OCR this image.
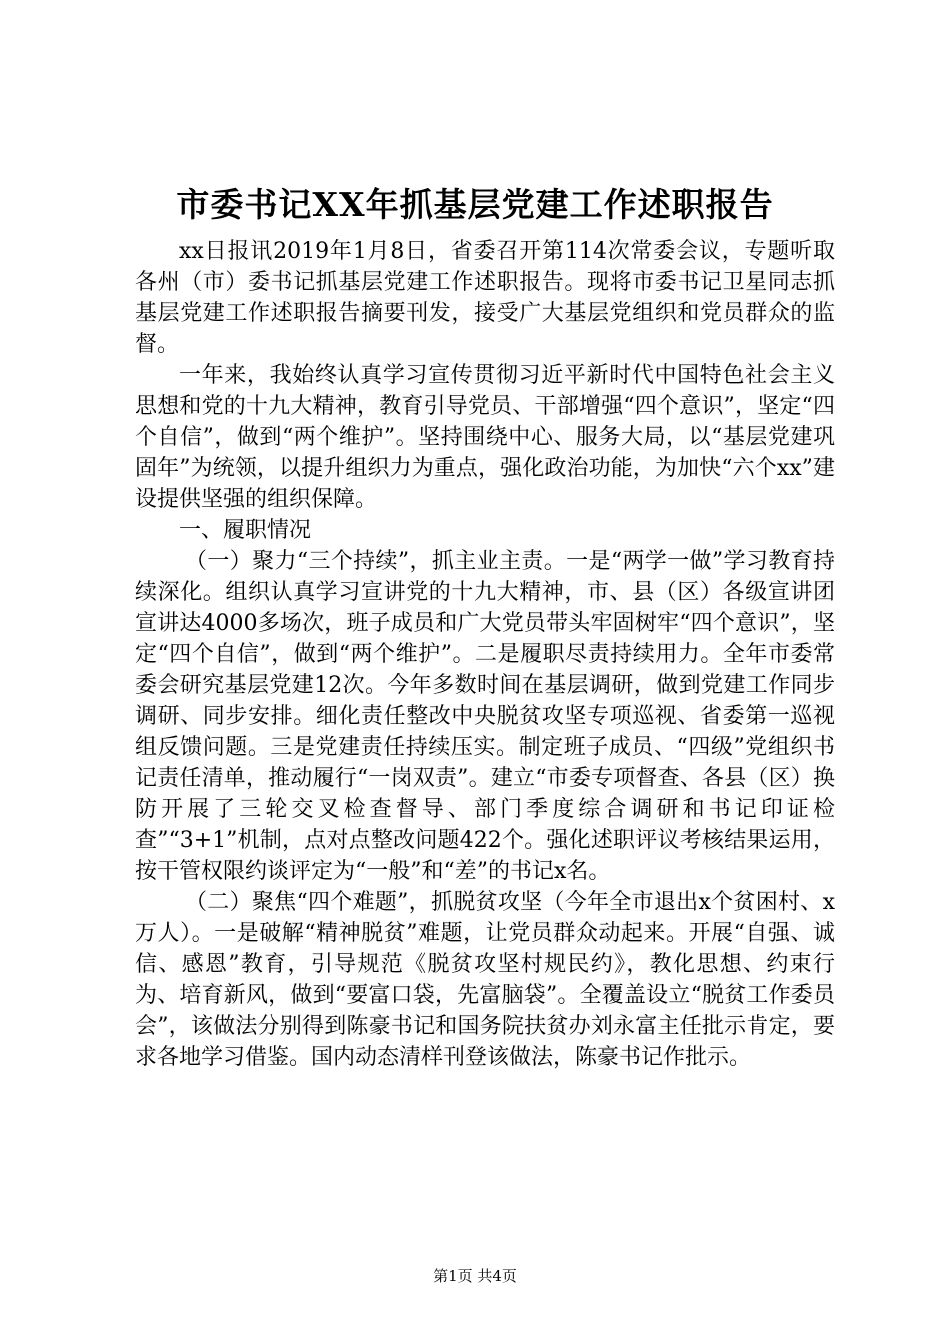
市委书记XX年抓基层党建工作述职报告

xx日报讯2019年1月8日，省委召开第114次常委会议，专题听取各州（市）委书记抓基层党建工作述职报告。现将市委书记卫星同志抓基层党建工作述职报告摘要刊发，接受广大基层党组织和党员群众的监督。

一年来，我始终认真学习宣传贯彻习近平新时代中国特色社会主义思想和党的十九大精神，教育引导党员、干部增强“四个意识”，坚定“四个自信”，做到“两个维护”。坚持围绕中心、服务大局，以“基层党建巩固年”为统领，以提升组织力为重点，强化政治功能，为加快“六个xx”建设提供坚强的组织保障。

一、履职情况

（一）聚力“三个持续”，抓主业主责。一是“两学一做”学习教育持续深化。组织认真学习宣讲党的十九大精神，市、县（区）各级宣讲团宣讲达4000多场次，班子成员和广大党员带头牢固树牢“四个意识”，坚定“四个自信”，做到“两个维护”。二是履职尽责持续用力。全年市委常委会研究基层党建12次。今年多数时间在基层调研，做到党建工作同步调研、同步安排。细化责任整改中央脱贫攻坚专项巡视、省委第一巡视组反馈问题。三是党建责任持续压实。制定班子成员、“四级”党组织书记责任清单，推动履行“一岗双责”。建立“市委专项督查、各县（区）换防开展了三轮交叉检查督导、部门季度综合调研和书记印证检查”“3+1”机制，点对点整改问题422个。强化述职评议考核结果运用，按干管权限约谈评定为“一般”和“差”的书记x名。

（二）聚焦“四个难题”，抓脱贫攻坚（今年全市退出x个贫困村、x万人）。一是破解“精神脱贫”难题，让党员群众动起来。开展“自强、诚信、感恩”教育，引导规范《脱贫攻坚村规民约》，教化思想、约束行为、培育新风，做到“要富口袋，先富脑袋”。全覆盖设立“脱贫工作委员会”，该做法分别得到陈豪书记和国务院扶贫办刘永富主任批示肯定，要求各地学习借鉴。国内动态清样刊登该做法，陈豪书记作批示。

第1页 共4页
